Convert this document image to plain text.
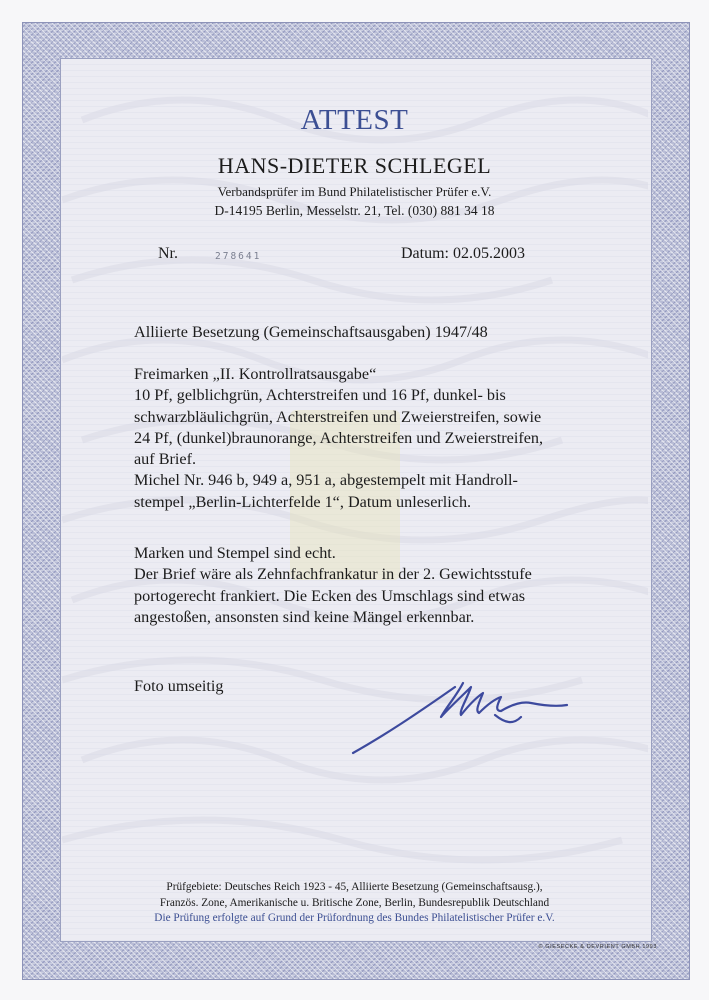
ATTEST
HANS-DIETER SCHLEGEL
Verbandsprüfer im Bund Philatelistischer Prüfer e.V.
D-14195 Berlin, Messelstr. 21, Tel. (030) 881 34 18
Nr.	278641	Datum: 02.05.2003
Alliierte Besetzung (Gemeinschaftsausgaben) 1947/48
Freimarken „II. Kontrollratsausgabe“
10 Pf, gelblichgrün, Achterstreifen und 16 Pf, dunkel- bis
schwarzbläulichgrün, Achterstreifen und Zweierstreifen, sowie
24 Pf, (dunkel)braunorange, Achterstreifen und Zweierstreifen,
auf Brief.
Michel Nr. 946 b, 949 a, 951 a, abgestempelt mit Handroll-
stempel „Berlin-Lichterfelde 1“, Datum unleserlich.
Marken und Stempel sind echt.
Der Brief wäre als Zehnfachfrankatur in der 2. Gewichtsstufe
portogerecht frankiert. Die Ecken des Umschlags sind etwas
angestoßen, ansonsten sind keine Mängel erkennbar.
Foto umseitig
Prüfgebiete: Deutsches Reich 1923 - 45, Alliierte Besetzung (Gemeinschaftsausg.),
Französ. Zone, Amerikanische u. Britische Zone, Berlin, Bundesrepublik Deutschland
Die Prüfung erfolgte auf Grund der Prüfordnung des Bundes Philatelistischer Prüfer e.V.
© GIESECKE & DEVRIENT GMBH 1993
